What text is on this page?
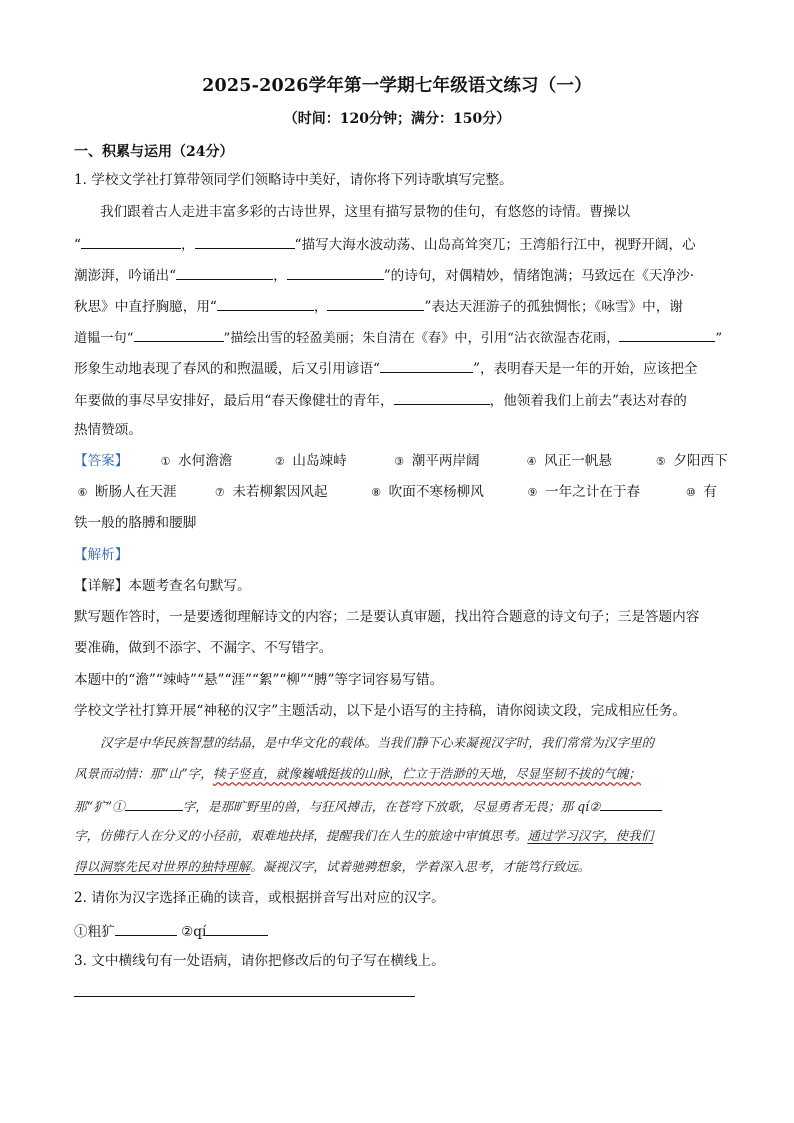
2025-2026学年第一学期七年级语文练习（一）
（时间：120分钟；满分：150分）
一、积累与运用（24分）
1. 学校文学社打算带领同学们领略诗中美好，请你将下列诗歌填写完整。
我们跟着古人走进丰富多彩的古诗世界，这里有描写景物的佳句，有悠悠的诗情。曹操以
“	，	“描写大海水波动荡、山岛高耸突兀；王湾船行江中，视野开阔，心
潮澎湃，吟诵出“	，	”的诗句，对偶精妙，情绪饱满；马致远在《天净沙·
秋思》中直抒胸臆，用“	，	”表达天涯游子的孤独惆怅；《咏雪》中，谢
道韫一句“	”描绘出雪的轻盈美丽；朱自清在《春》中，引用“沾衣欲湿杏花雨，	”
形象生动地表现了春风的和煦温暖，后又引用谚语“	”，表明春天是一年的开始，应该把全
年要做的事尽早安排好，最后用“春天像健壮的青年，	，他领着我们上前去”表达对春的
热情赞颂。
【答案】	① 水何澹澹	② 山岛竦峙	③ 潮平两岸阔	④ 风正一帆悬	⑤ 夕阳西下
⑥ 断肠人在天涯	⑦ 未若柳絮因风起	⑧ 吹面不寒杨柳风	⑨ 一年之计在于春	⑩ 有
铁一般的胳膊和腰脚
【解析】
【详解】本题考查名句默写。
默写题作答时，一是要透彻理解诗文的内容；二是要认真审题，找出符合题意的诗文句子；三是答题内容
要准确，做到不添字、不漏字、不写错字。
本题中的“澹”“竦峙”“悬”“涯”“絮”“柳”“膊”等字词容易写错。
学校文学社打算开展“神秘的汉字”主题活动，以下是小语写的主持稿，请你阅读文段，完成相应任务。
汉字是中华民族智慧的结晶，是中华文化的载体。当我们静下心来凝视汉字时，我们常常为汉字里的
风景而动情：那“山”字，犊子竖直，就像巍峨挺拔的山脉，伫立于浩渺的天地，尽显坚韧不拔的气魄；
那“犷”①	字，是那旷野里的兽，与狂风搏击，在苍穹下放歌，尽显勇者无畏；那 qí②
字，仿佛行人在分叉的小径前，艰难地抉择，提醒我们在人生的旅途中审慎思考。通过学习汉字，使我们
得以洞察先民对世界的独特理解。凝视汉字，试着驰骋想象，学着深入思考，才能笃行致远。
2. 请你为汉字选择正确的读音，或根据拼音写出对应的汉字。
①粗犷	②qí
3. 文中横线句有一处语病，请你把修改后的句子写在横线上。
